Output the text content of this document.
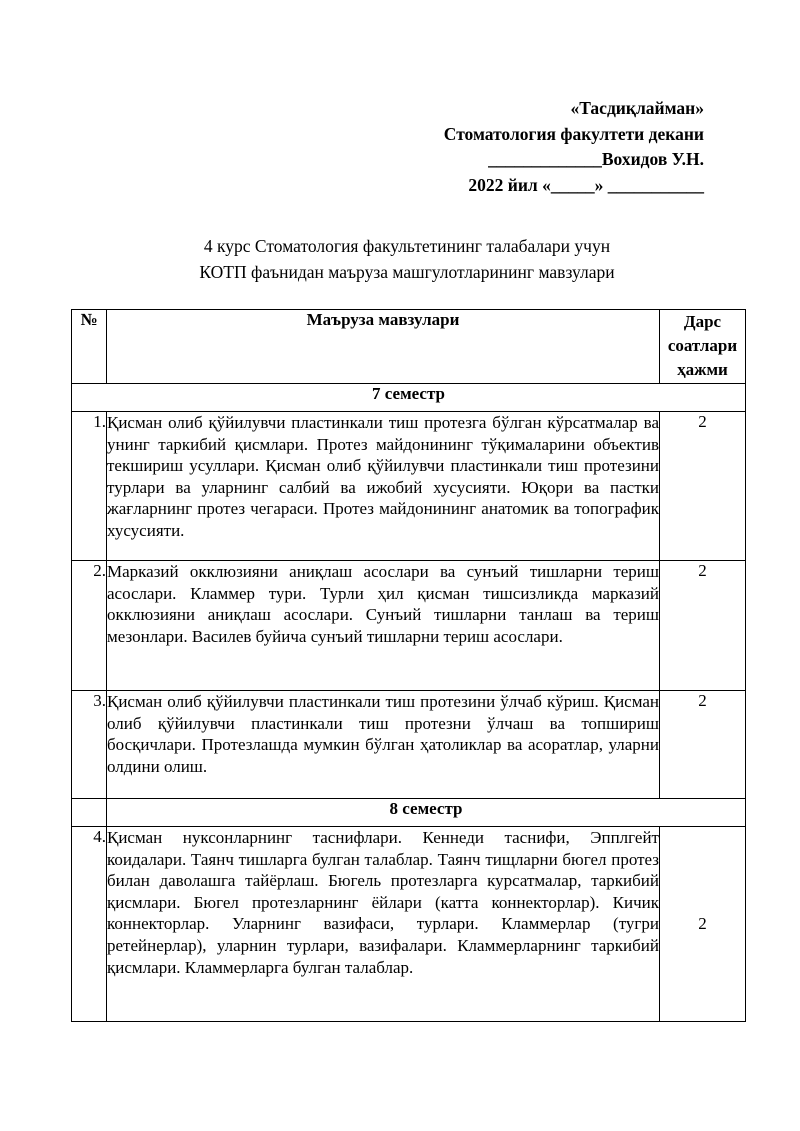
«Тасдиқлайман»
Стоматология факултети декани
_____________Вохидов У.Н.
2022 йил «_____» ___________
4 курс Стоматология факультетининг талабалари учун
КОТП фаънидан маъруза машгулотларининг мавзулари
№	Маъруза мавзулари	Дарс
соатлари
ҳажми

7 семестр		
1.	Қисман олиб қўйилувчи пластинкали тиш протезга бўлган кўрсатмалар ва унинг таркибий қисмлари. Протез майдонининг тўқималарини объектив текшириш усуллари. Қисман олиб қўйилувчи пластинкали тиш протезини турлари ва уларнинг салбий ва ижобий хусусияти. Юқори ва пастки жағларнинг протез чегараси. Протез майдонининг анатомик ва топографик хусусияти.	2
2.	Марказий окклюзияни аниқлаш асослари ва сунъий тишларни териш асослари. Кламмер тури. Турли ҳил қисман тишсизликда марказий окклюзияни аниқлаш асослари. Сунъий тишларни танлаш ва териш мезонлари. Василев буйича сунъий тишларни териш асослари.	2
3.	Қисман олиб қўйилувчи пластинкали тиш протезини ўлчаб кўриш. Қисман олиб қўйилувчи пластинкали тиш протезни ўлчаш ва топшириш босқичлари. Протезлашда мумкин бўлган ҳатоликлар ва асоратлар, уларни олдини олиш.	2
	8 семестр	
4.	Қисман нуксонларнинг таснифлари. Кеннеди таснифи, Эпплгейт коидалари. Таянч тишларга булган талаблар. Таянч тищларни бюгел протез билан даволашга тайёрлаш. Бюгель протезларга курсатмалар, таркибий қисмлари. Бюгел протезларнинг ёйлари (катта коннекторлар). Кичик коннекторлар. Уларнинг вазифаси, турлари. Кламмерлар (тугри ретейнерлар), уларнин турлари, вазифалари. Кламмерларнинг таркибий қисмлари. Кламмерларга булган талаблар.	2
